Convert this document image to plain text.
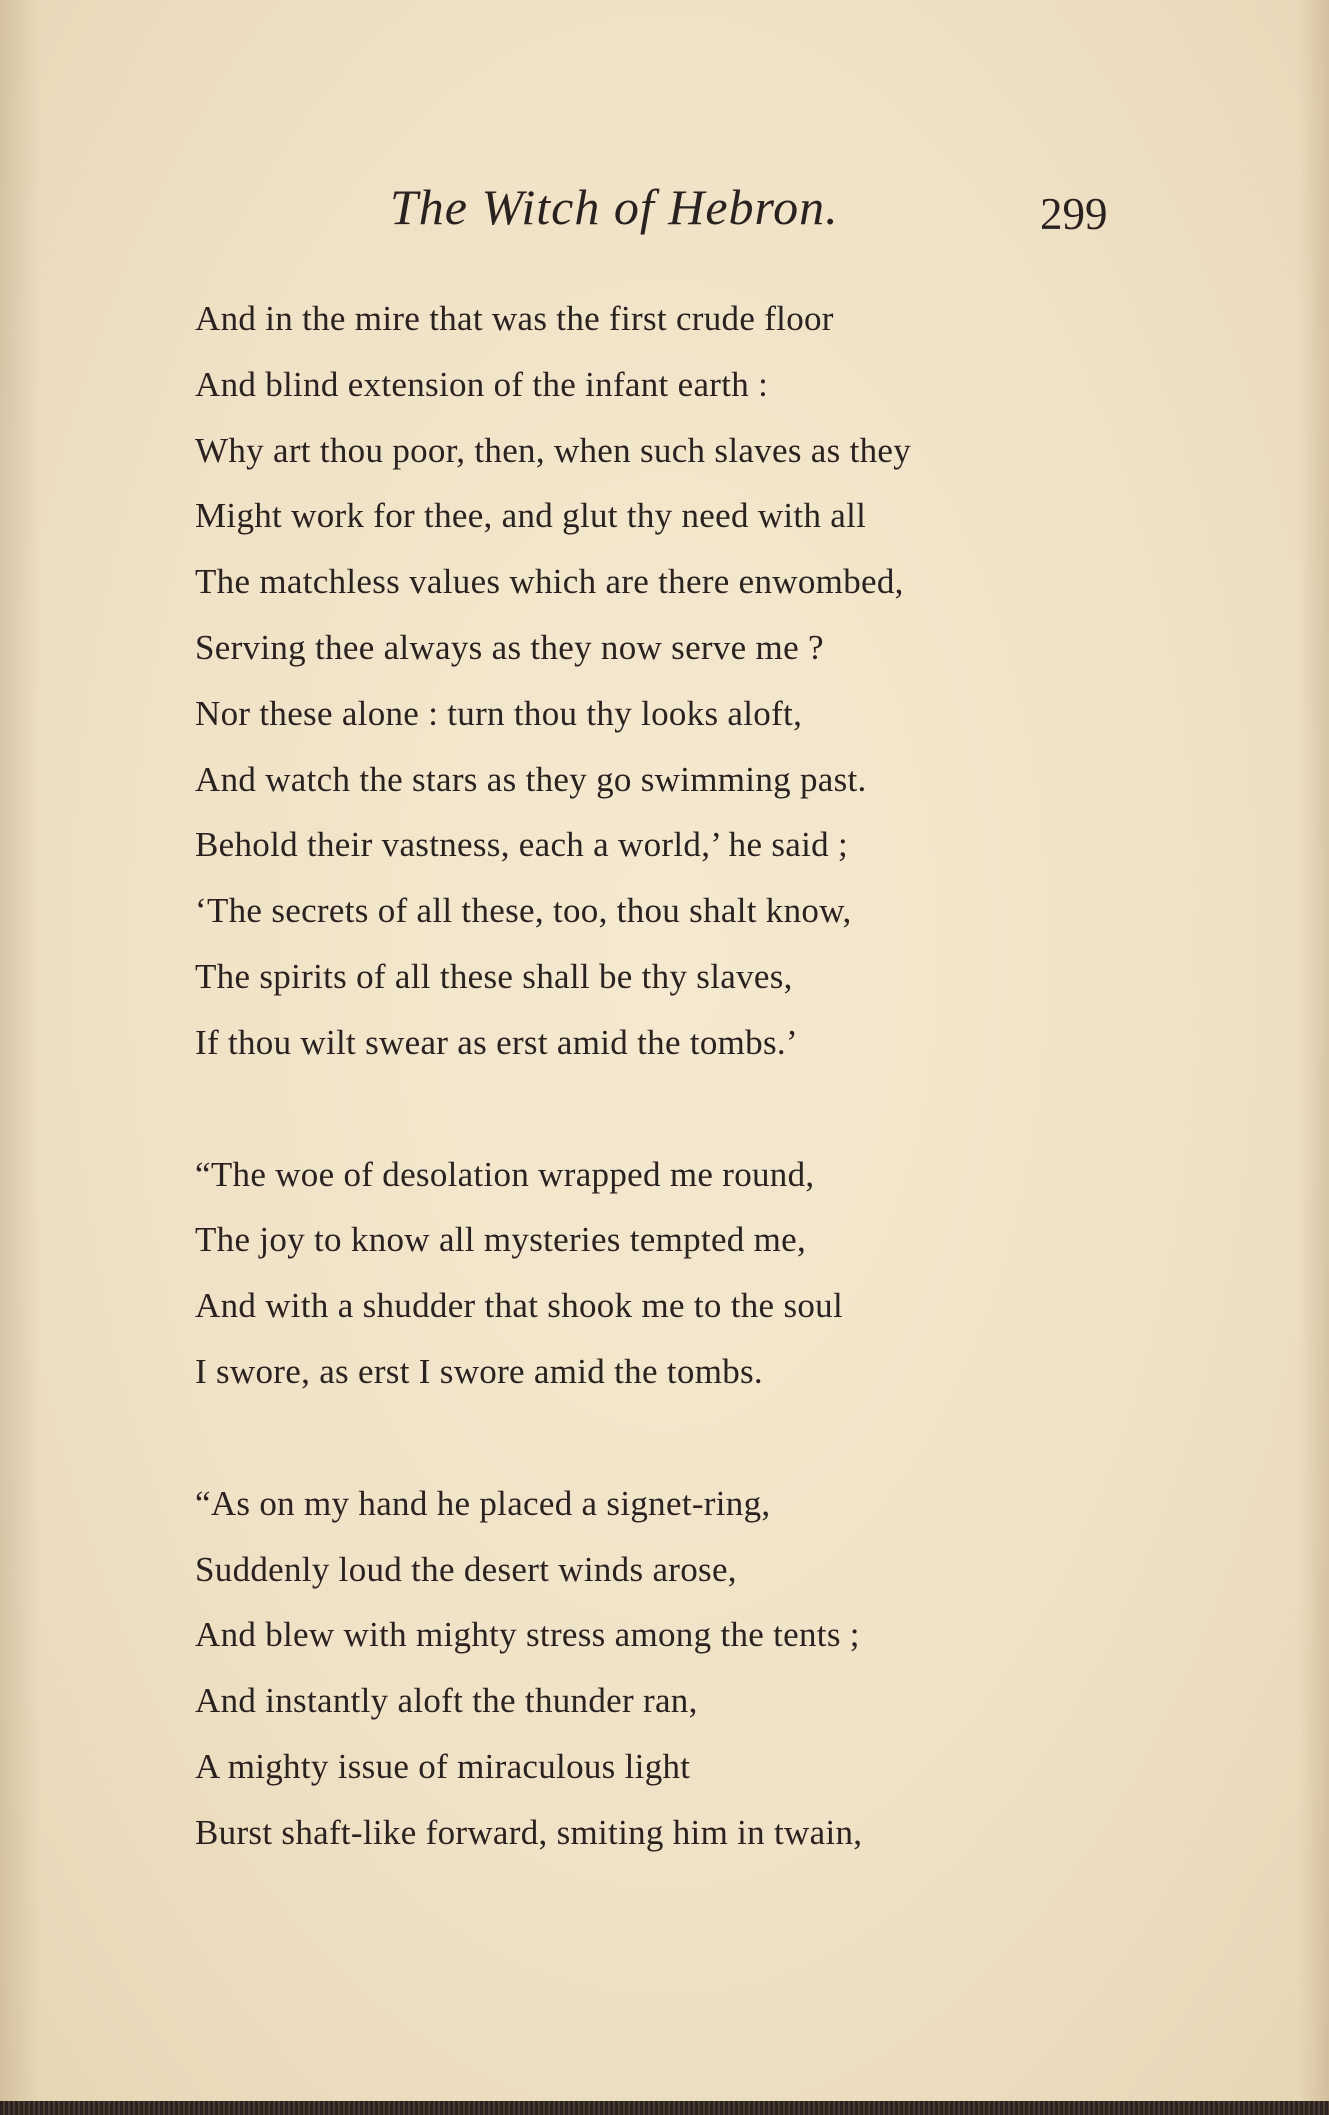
The Witch of Hebron.	299
And in the mire that was the first crude floor
And blind extension of the infant earth :
Why art thou poor, then, when such slaves as they
Might work for thee, and glut thy need with all
The matchless values which are there enwombed,
Serving thee always as they now serve me ?
Nor these alone : turn thou thy looks aloft,
And watch the stars as they go swimming past.
Behold their vastness, each a world,’ he said ;
‘The secrets of all these, too, thou shalt know,
The spirits of all these shall be thy slaves,
If thou wilt swear as erst amid the tombs.’
“The woe of desolation wrapped me round,
The joy to know all mysteries tempted me,
And with a shudder that shook me to the soul
I swore, as erst I swore amid the tombs.
“As on my hand he placed a signet-ring,
Suddenly loud the desert winds arose,
And blew with mighty stress among the tents ;
And instantly aloft the thunder ran,
A mighty issue of miraculous light
Burst shaft-like forward, smiting him in twain,
